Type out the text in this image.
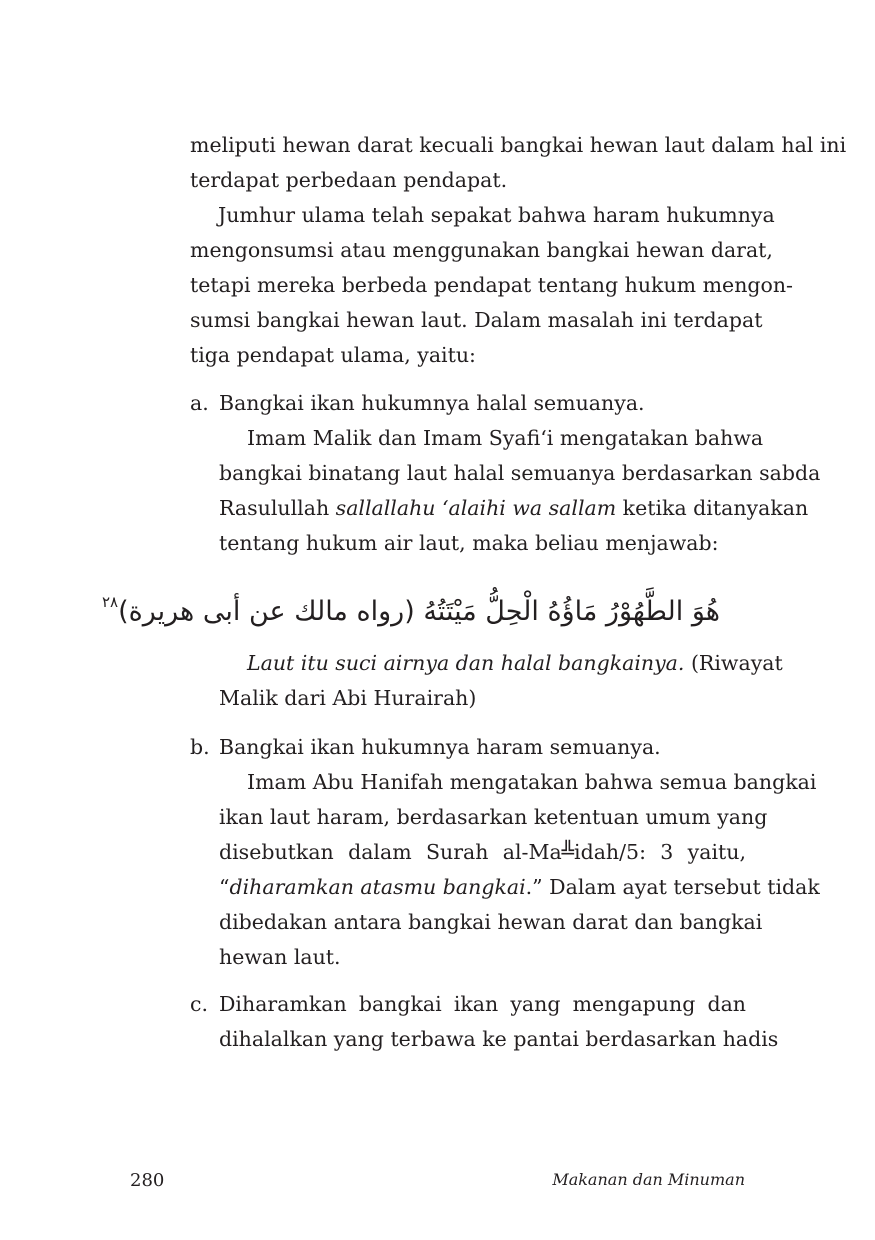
meliputi hewan darat kecuali bangkai hewan laut dalam hal ini
terdapat perbedaan pendapat.
Jumhur ulama telah sepakat bahwa haram hukumnya
mengonsumsi atau menggunakan bangkai hewan darat,
tetapi mereka berbeda pendapat tentang hukum mengon-
sumsi bangkai hewan laut. Dalam masalah ini terdapat
tiga pendapat ulama, yaitu:
a. Bangkai ikan hukumnya halal semuanya.
Imam Malik dan Imam Syafi‘i mengatakan bahwa
bangkai binatang laut halal semuanya berdasarkan sabda
Rasulullah sallallahu ‘alaihi wa sallam ketika ditanyakan
tentang hukum air laut, maka beliau menjawab:
هُوَ الطَّهُوْرُ مَاؤُهُ الْحِلُّ مَيْتَتُهُ (رواه مالك عن أبى هريرة)$^{٢٨}$
Laut itu suci airnya dan halal bangkainya. (Riwayat
Malik dari Abi Hurairah)
b. Bangkai ikan hukumnya haram semuanya.
Imam Abu Hanifah mengatakan bahwa semua bangkai
ikan laut haram, berdasarkan ketentuan umum yang
disebutkan dalam Surah al-Ma╩idah/5: 3 yaitu,
“diharamkan atasmu bangkai.” Dalam ayat tersebut tidak
dibedakan antara bangkai hewan darat dan bangkai
hewan laut.
c. Diharamkan bangkai ikan yang mengapung dan
dihalalkan yang terbawa ke pantai berdasarkan hadis
280	Makanan dan Minuman
